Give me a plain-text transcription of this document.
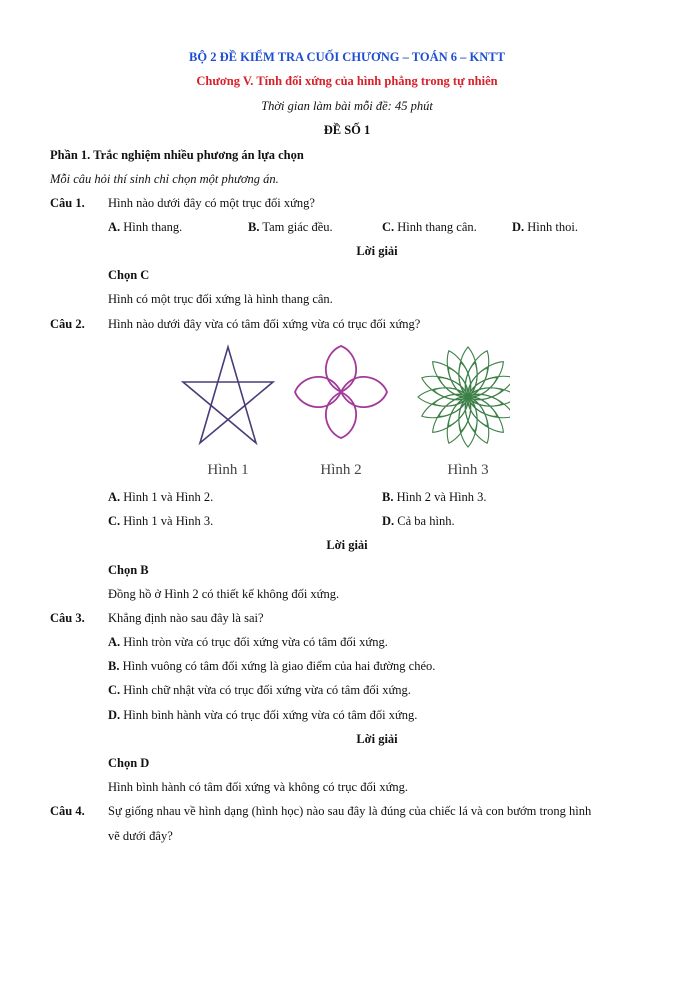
BỘ 2 ĐỀ KIỂM TRA CUỐI CHƯƠNG – TOÁN 6 – KNTT
Chương V. Tính đối xứng của hình phẳng trong tự nhiên
Thời gian làm bài mỗi đề: 45 phút
ĐỀ SỐ 1
Phần 1. Trắc nghiệm nhiều phương án lựa chọn
Mỗi câu hỏi thí sinh chỉ chọn một phương án.
Câu 1. Hình nào dưới đây có một trục đối xứng?
A. Hình thang.	B. Tam giác đều.	C. Hình thang cân.	D. Hình thoi.
Lời giải
Chọn C
Hình có một trục đối xứng là hình thang cân.
Câu 2. Hình nào dưới đây vừa có tâm đối xứng vừa có trục đối xứng?
Hình 1	Hình 2	Hình 3
A. Hình 1 và Hình 2.	B. Hình 2 và Hình 3.
C. Hình 1 và Hình 3.	D. Cả ba hình.
Lời giải
Chọn B
Đồng hồ ở Hình 2 có thiết kế không đối xứng.
Câu 3. Khẳng định nào sau đây là sai?
A. Hình tròn vừa có trục đối xứng vừa có tâm đối xứng.
B. Hình vuông có tâm đối xứng là giao điểm của hai đường chéo.
C. Hình chữ nhật vừa có trục đối xứng vừa có tâm đối xứng.
D. Hình bình hành vừa có trục đối xứng vừa có tâm đối xứng.
Lời giải
Chọn D
Hình bình hành có tâm đối xứng và không có trục đối xứng.
Câu 4. Sự giống nhau về hình dạng (hình học) nào sau đây là đúng của chiếc lá và con bướm trong hình
vẽ dưới đây?
